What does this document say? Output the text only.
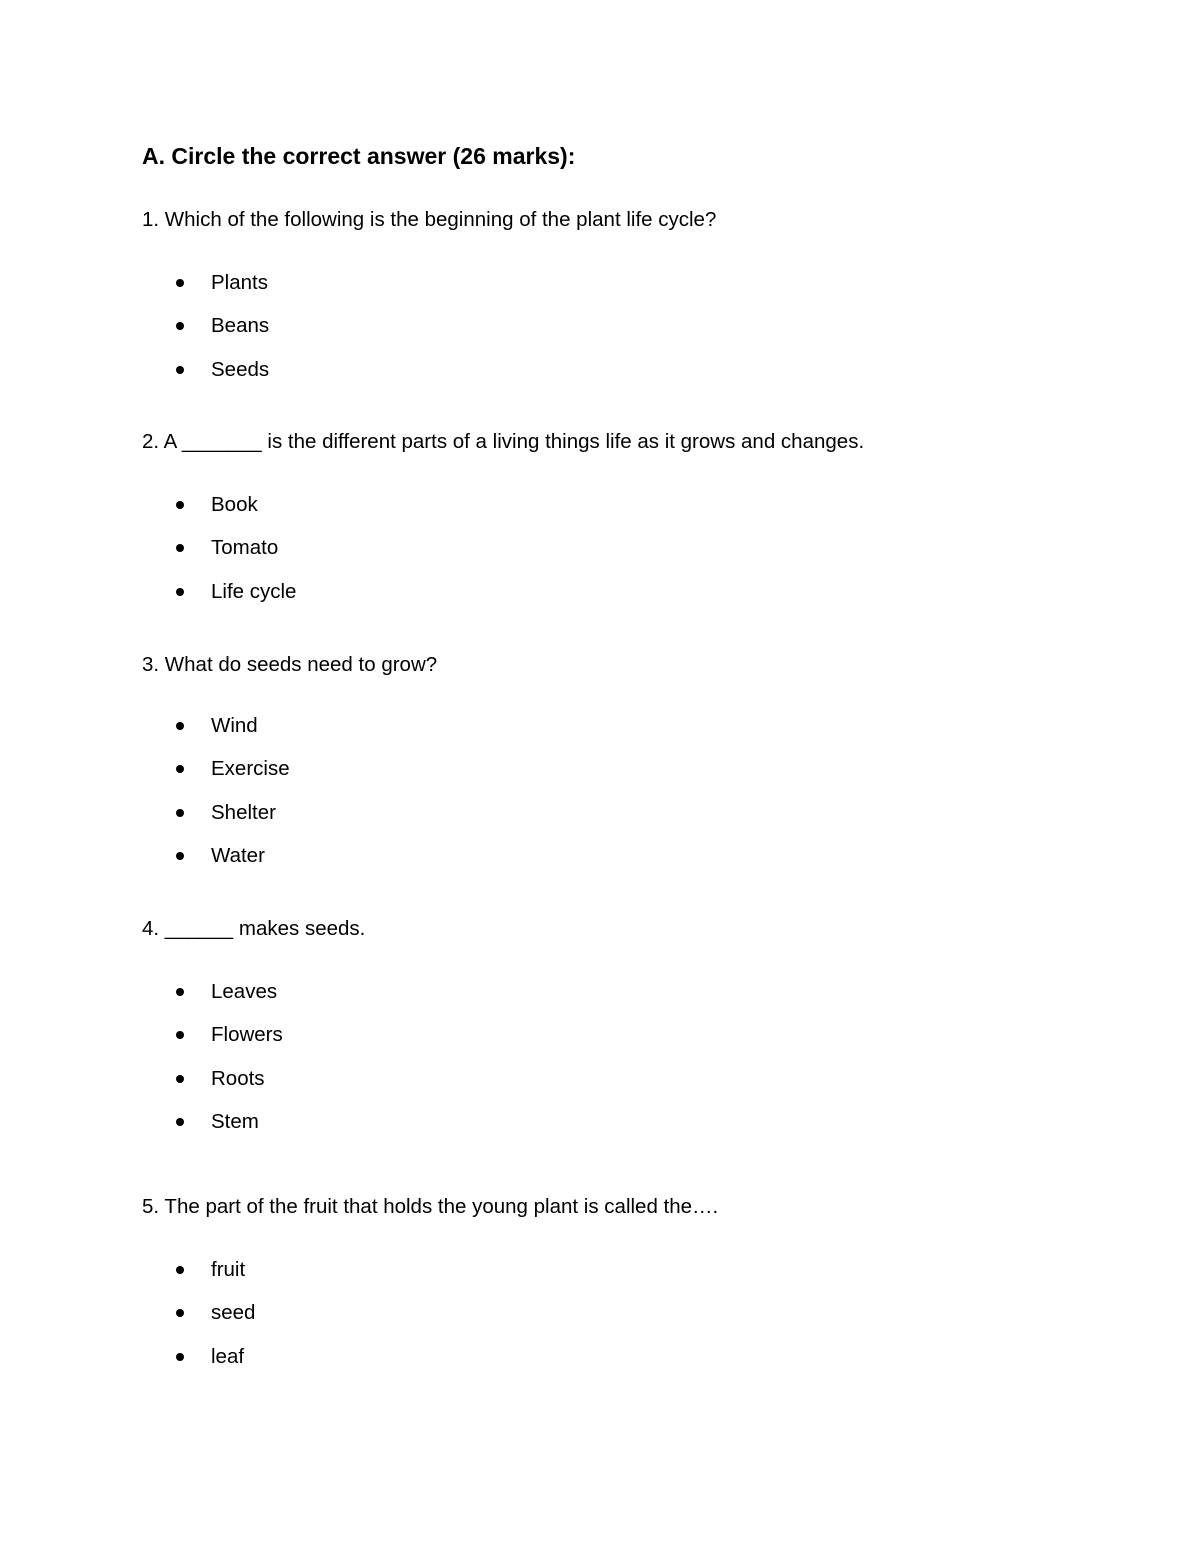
A. Circle the correct answer (26 marks):
1. Which of the following is the beginning of the plant life cycle?
Plants
Beans
Seeds
2. A _______ is the different parts of a living things life as it grows and changes.
Book
Tomato
Life cycle
3. What do seeds need to grow?
Wind
Exercise
Shelter
Water
4. ______ makes seeds.
Leaves
Flowers
Roots
Stem
5. The part of the fruit that holds the young plant is called the….
fruit
seed
leaf
